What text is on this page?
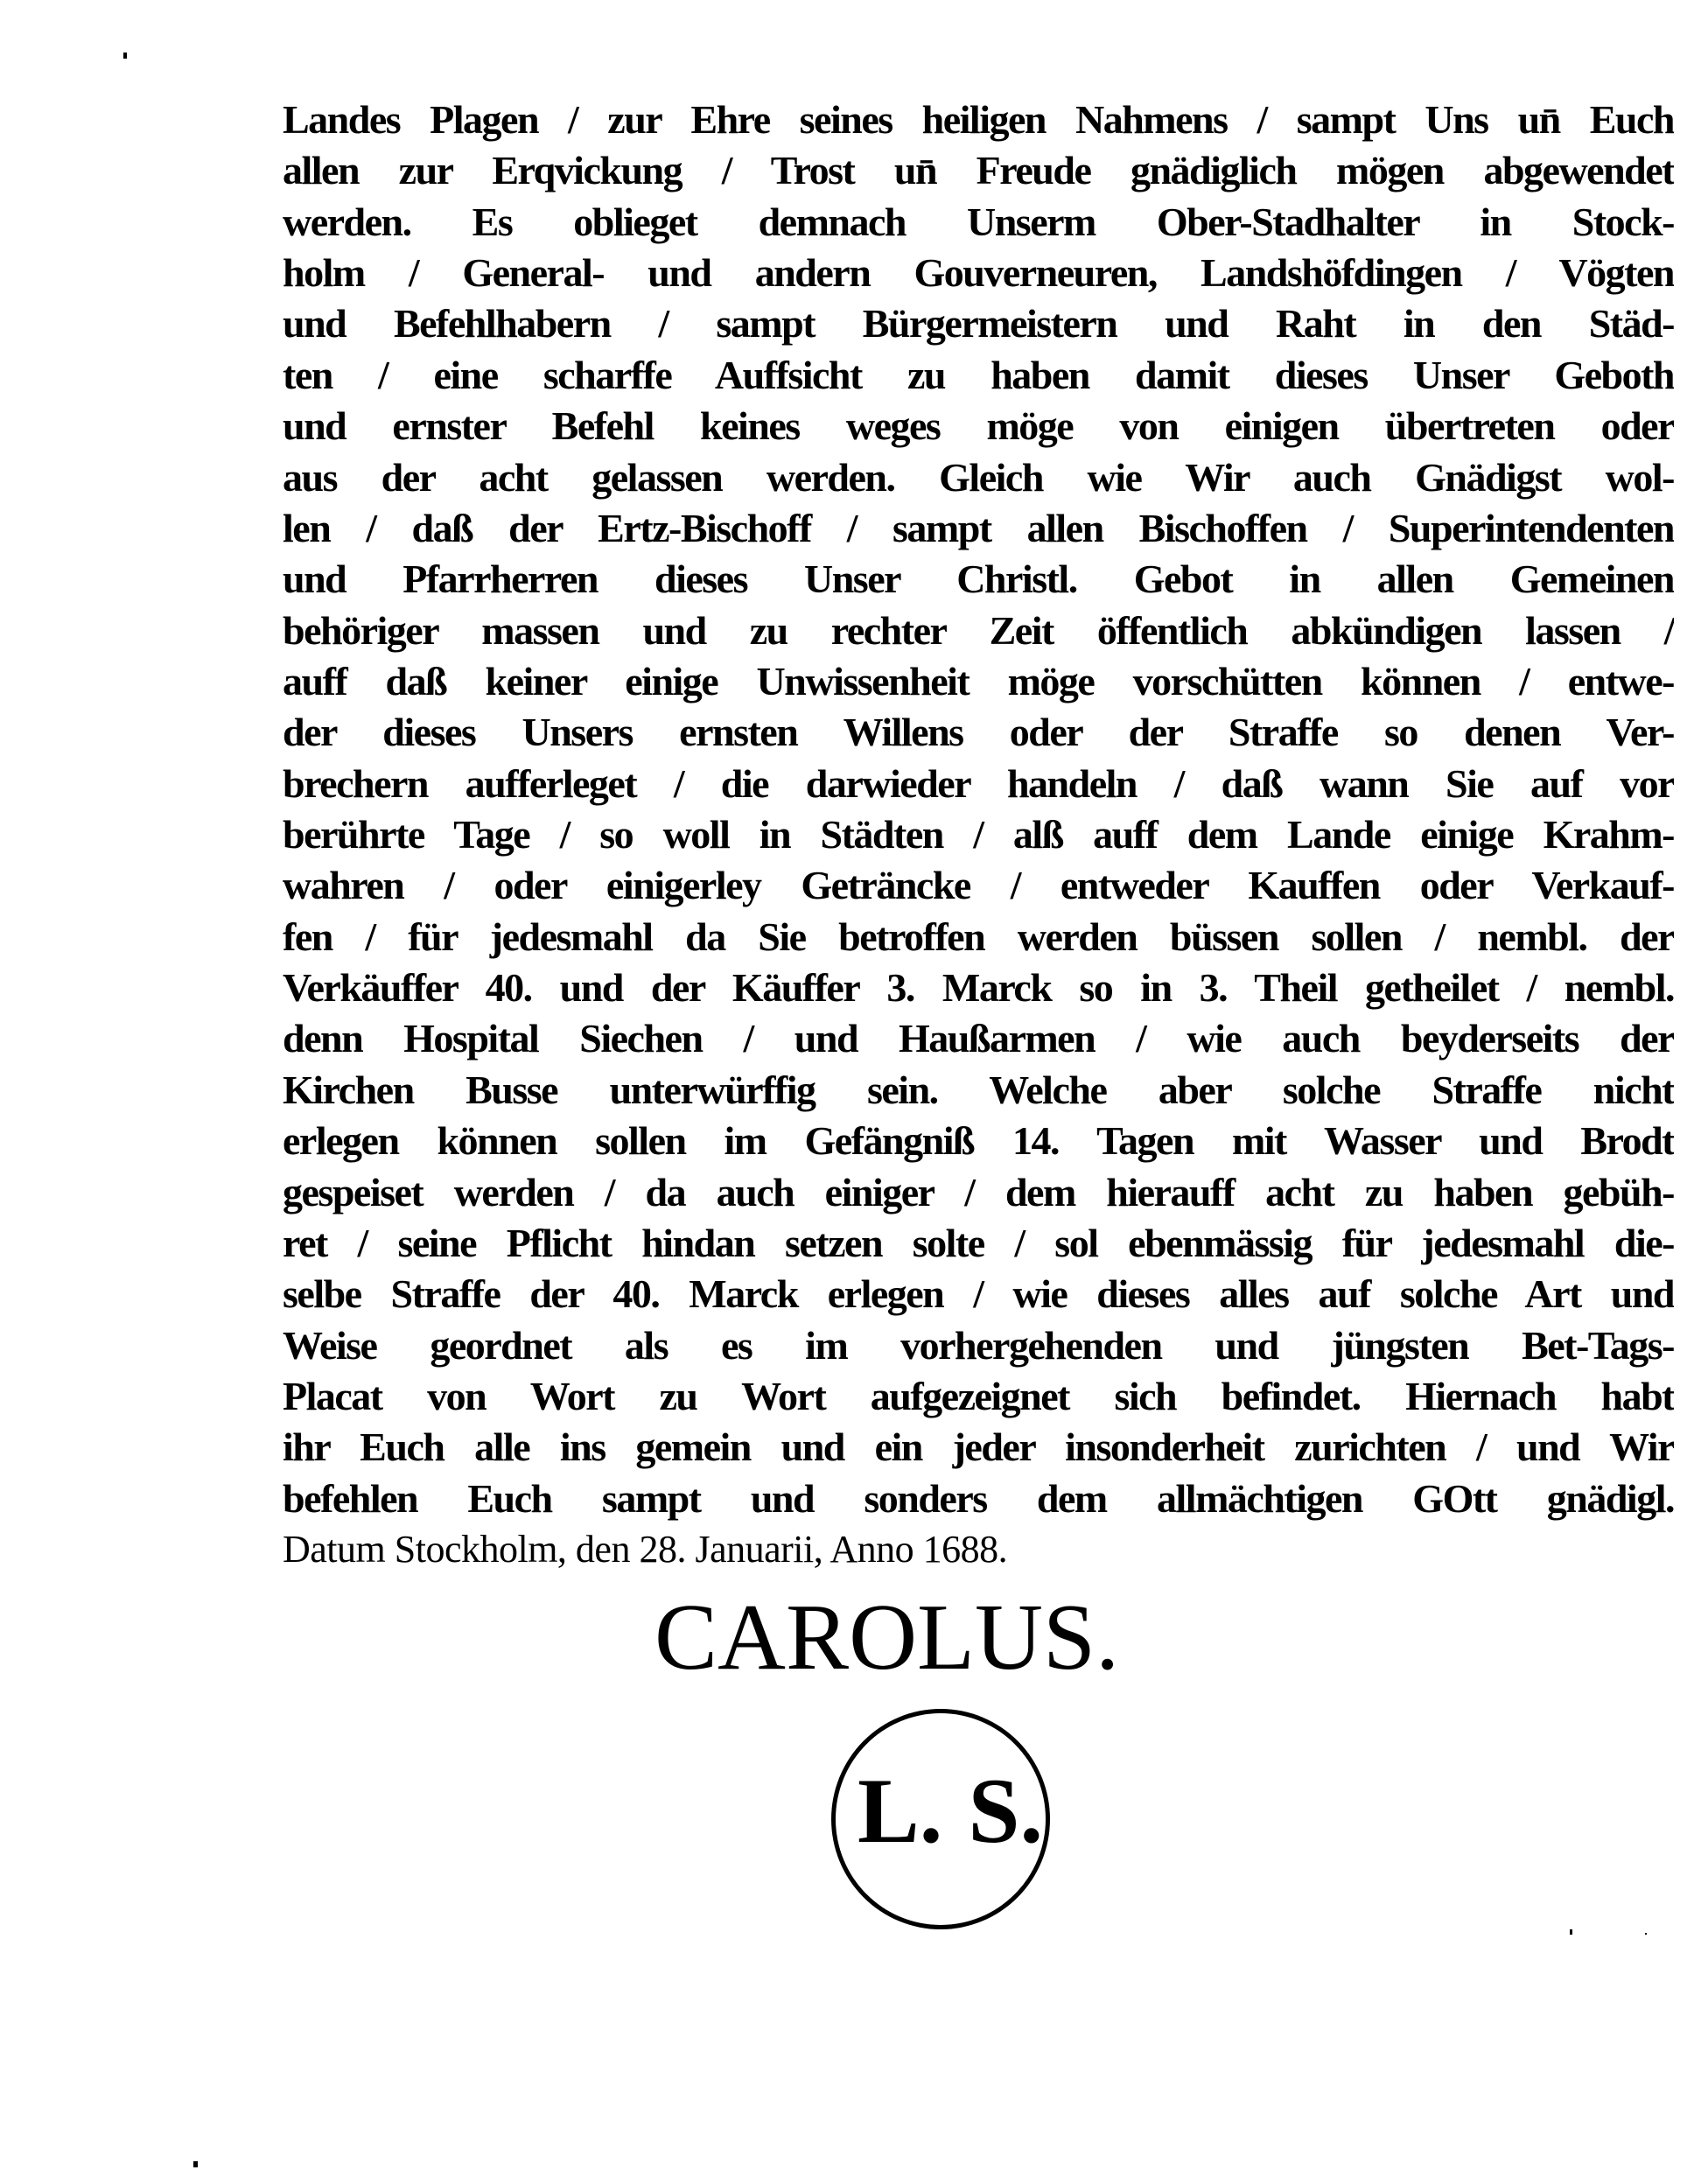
Landes Plagen / zur Ehre seines heiligen Nahmens / sampt Uns un̄ Euch
allen zur Erqvickung / Trost un̄ Freude gnädiglich mögen abgewendet
werden. Es oblieget demnach Unserm Ober-Stadhalter in Stock-
holm / General- und andern Gouverneuren, Landshöfdingen / Vögten
und Befehlhabern / sampt Bürgermeistern und Raht in den Städ-
ten / eine scharffe Auffsicht zu haben damit dieses Unser Geboth
und ernster Befehl keines weges möge von einigen übertreten oder
aus der acht gelassen werden. Gleich wie Wir auch Gnädigst wol-
len / daß der Ertz-Bischoff / sampt allen Bischoffen / Superintendenten
und Pfarrherren dieses Unser Christl. Gebot in allen Gemeinen
behöriger massen und zu rechter Zeit öffentlich abkündigen lassen /
auff daß keiner einige Unwissenheit möge vorschütten können / entwe-
der dieses Unsers ernsten Willens oder der Straffe so denen Ver-
brechern aufferleget / die darwieder handeln / daß wann Sie auf vor
berührte Tage / so woll in Städten / alß auff dem Lande einige Krahm-
wahren / oder einigerley Geträncke / entweder Kauffen oder Verkauf-
fen / für jedesmahl da Sie betroffen werden büssen sollen / nembl. der
Verkäuffer 40. und der Käuffer 3. Marck so in 3. Theil getheilet / nembl.
denn Hospital Siechen / und Haußarmen / wie auch beyderseits der
Kirchen Busse unterwürffig sein. Welche aber solche Straffe nicht
erlegen können sollen im Gefängniß 14. Tagen mit Wasser und Brodt
gespeiset werden / da auch einiger / dem hierauff acht zu haben gebüh-
ret / seine Pflicht hindan setzen solte / sol ebenmässig für jedesmahl die-
selbe Straffe der 40. Marck erlegen / wie dieses alles auf solche Art und
Weise geordnet als es im vorhergehenden und jüngsten Bet-Tags-
Placat von Wort zu Wort aufgezeignet sich befindet. Hiernach habt
ihr Euch alle ins gemein und ein jeder insonderheit zurichten / und Wir
befehlen Euch sampt und sonders dem allmächtigen GOtt gnädigl.
Datum Stockholm, den 28. Januarii, Anno 1688.
CAROLUS.
L. S.
